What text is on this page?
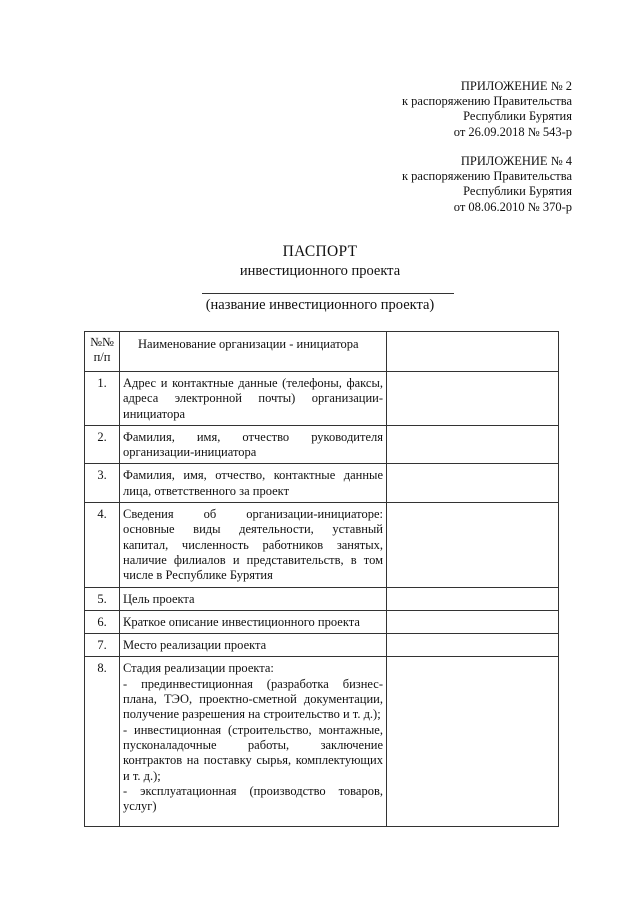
ПРИЛОЖЕНИЕ № 2
к распоряжению Правительства
Республики Бурятия
от 26.09.2018 № 543-р
ПРИЛОЖЕНИЕ № 4
к распоряжению Правительства
Республики Бурятия
от 08.06.2010 № 370-р
ПАСПОРТ
инвестиционного проекта
(название инвестиционного проекта)
№№ п/п	Наименование организации - инициатора	
1.	Адрес и контактные данные (телефоны, факсы, адреса электронной почты) организации-инициатора	
2.	Фамилия, имя, отчество руководителя организации-инициатора	
3.	Фамилия, имя, отчество, контактные данные лица, ответственного за проект	
4.	Сведения об организации-инициаторе: основные виды деятельности, уставный капитал, численность работников занятых, наличие филиалов и представительств, в том числе в Республике Бурятия	
5.	Цель проекта	
6.	Краткое описание инвестиционного проекта	
7.	Место реализации проекта	
8.	Стадия реализации проекта:
- прединвестиционная (разработка бизнес-плана, ТЭО, проектно-сметной документации, получение разрешения на строительство и т. д.);
- инвестиционная (строительство, монтажные, пусконаладочные работы, заключение контрактов на поставку сырья, комплектующих и т. д.);
- эксплуатационная (производство товаров, услуг)	
